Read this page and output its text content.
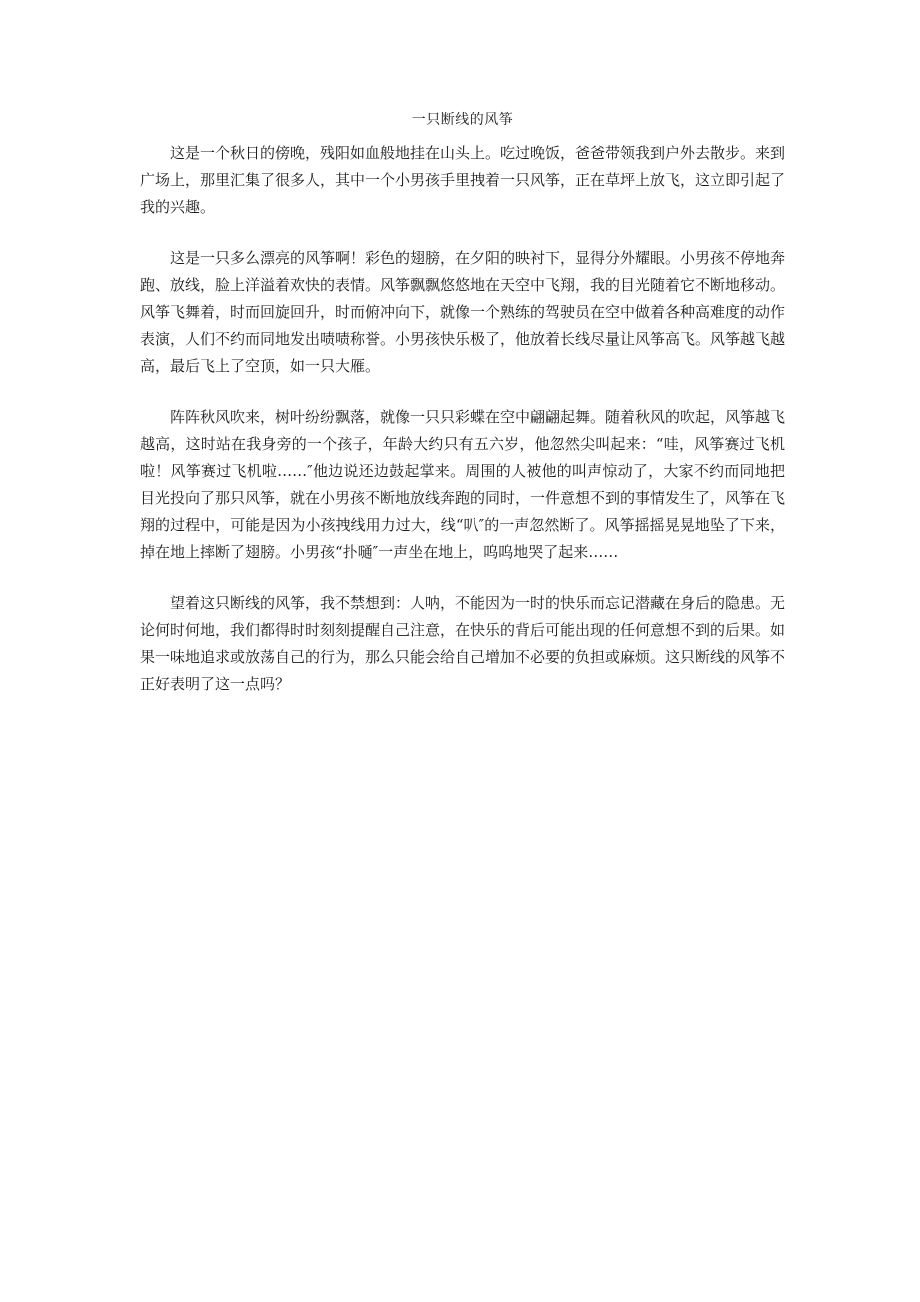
一只断线的风筝

这是一个秋日的傍晚，残阳如血般地挂在山头上。吃过晚饭，爸爸带领我到户外去散步。来到广场上，那里汇集了很多人，其中一个小男孩手里拽着一只风筝，正在草坪上放飞，这立即引起了我的兴趣。

这是一只多么漂亮的风筝啊！彩色的翅膀，在夕阳的映衬下，显得分外耀眼。小男孩不停地奔跑、放线，脸上洋溢着欢快的表情。风筝飘飘悠悠地在天空中飞翔，我的目光随着它不断地移动。风筝飞舞着，时而回旋回升，时而俯冲向下，就像一个熟练的驾驶员在空中做着各种高难度的动作表演，人们不约而同地发出啧啧称誉。小男孩快乐极了，他放着长线尽量让风筝高飞。风筝越飞越高，最后飞上了空顶，如一只大雁。

阵阵秋风吹来，树叶纷纷飘落，就像一只只彩蝶在空中翩翩起舞。随着秋风的吹起，风筝越飞越高，这时站在我身旁的一个孩子，年龄大约只有五六岁，他忽然尖叫起来：“哇，风筝赛过飞机啦！风筝赛过飞机啦……″他边说还边鼓起掌来。周围的人被他的叫声惊动了，大家不约而同地把目光投向了那只风筝，就在小男孩不断地放线奔跑的同时，一件意想不到的事情发生了，风筝在飞翔的过程中，可能是因为小孩拽线用力过大，线“叭″的一声忽然断了。风筝摇摇晃晃地坠了下来，掉在地上摔断了翅膀。小男孩“扑嗵″一声坐在地上，呜呜地哭了起来……

望着这只断线的风筝，我不禁想到：人呐，不能因为一时的快乐而忘记潜藏在身后的隐患。无论何时何地，我们都得时时刻刻提醒自己注意，在快乐的背后可能出现的任何意想不到的后果。如果一味地追求或放荡自己的行为，那么只能会给自己增加不必要的负担或麻烦。这只断线的风筝不正好表明了这一点吗？
